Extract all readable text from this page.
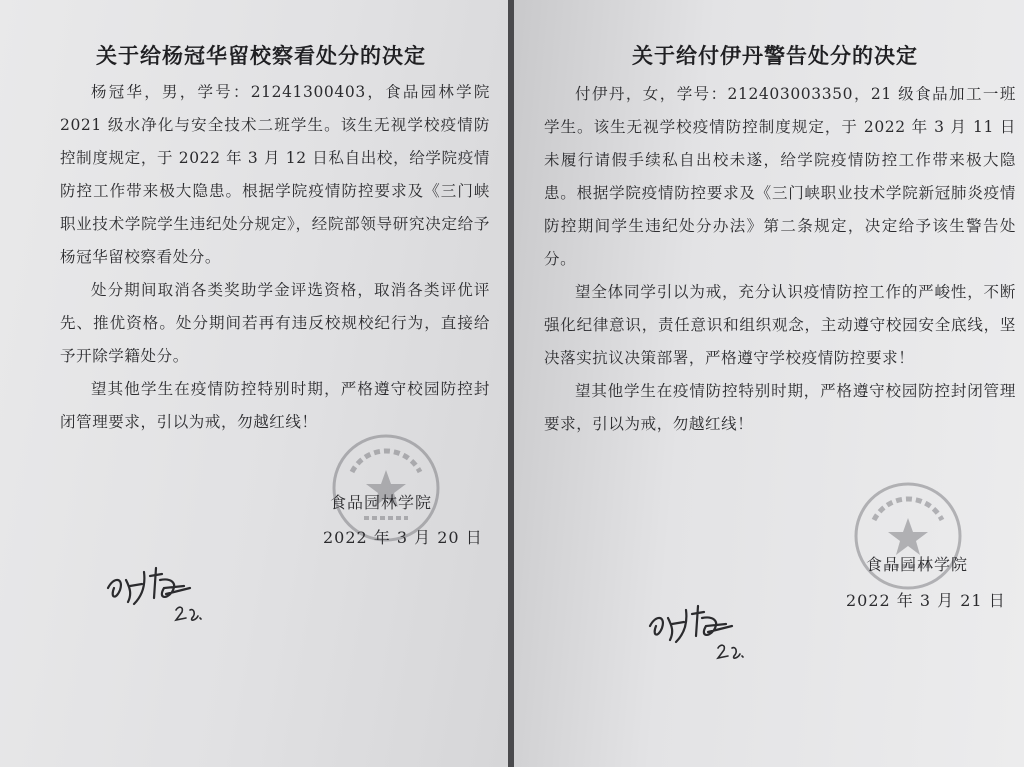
关于给杨冠华留校察看处分的决定

杨冠华，男，学号：21241300403，食品园林学院 2021 级水净化与安全技术二班学生。该生无视学校疫情防控制度规定，于 2022 年 3 月 12 日私自出校，给学院疫情防控工作带来极大隐患。根据学院疫情防控要求及《三门峡职业技术学院学生违纪处分规定》，经院部领导研究决定给予杨冠华留校察看处分。

处分期间取消各类奖助学金评选资格，取消各类评优评先、推优资格。处分期间若再有违反校规校纪行为，直接给予开除学籍处分。

望其他学生在疫情防控特别时期，严格遵守校园防控封闭管理要求，引以为戒，勿越红线！

食品园林学院
2022 年 3 月 20 日
关于给付伊丹警告处分的决定

付伊丹，女，学号：212403003350，21 级食品加工一班学生。该生无视学校疫情防控制度规定，于 2022 年 3 月 11 日未履行请假手续私自出校未遂，给学院疫情防控工作带来极大隐患。根据学院疫情防控要求及《三门峡职业技术学院新冠肺炎疫情防控期间学生违纪处分办法》第二条规定，决定给予该生警告处分。

望全体同学引以为戒，充分认识疫情防控工作的严峻性，不断强化纪律意识，责任意识和组织观念，主动遵守校园安全底线，坚决落实抗议决策部署，严格遵守学校疫情防控要求！

望其他学生在疫情防控特别时期，严格遵守校园防控封闭管理要求，引以为戒，勿越红线！

食品园林学院
2022 年 3 月 21 日
